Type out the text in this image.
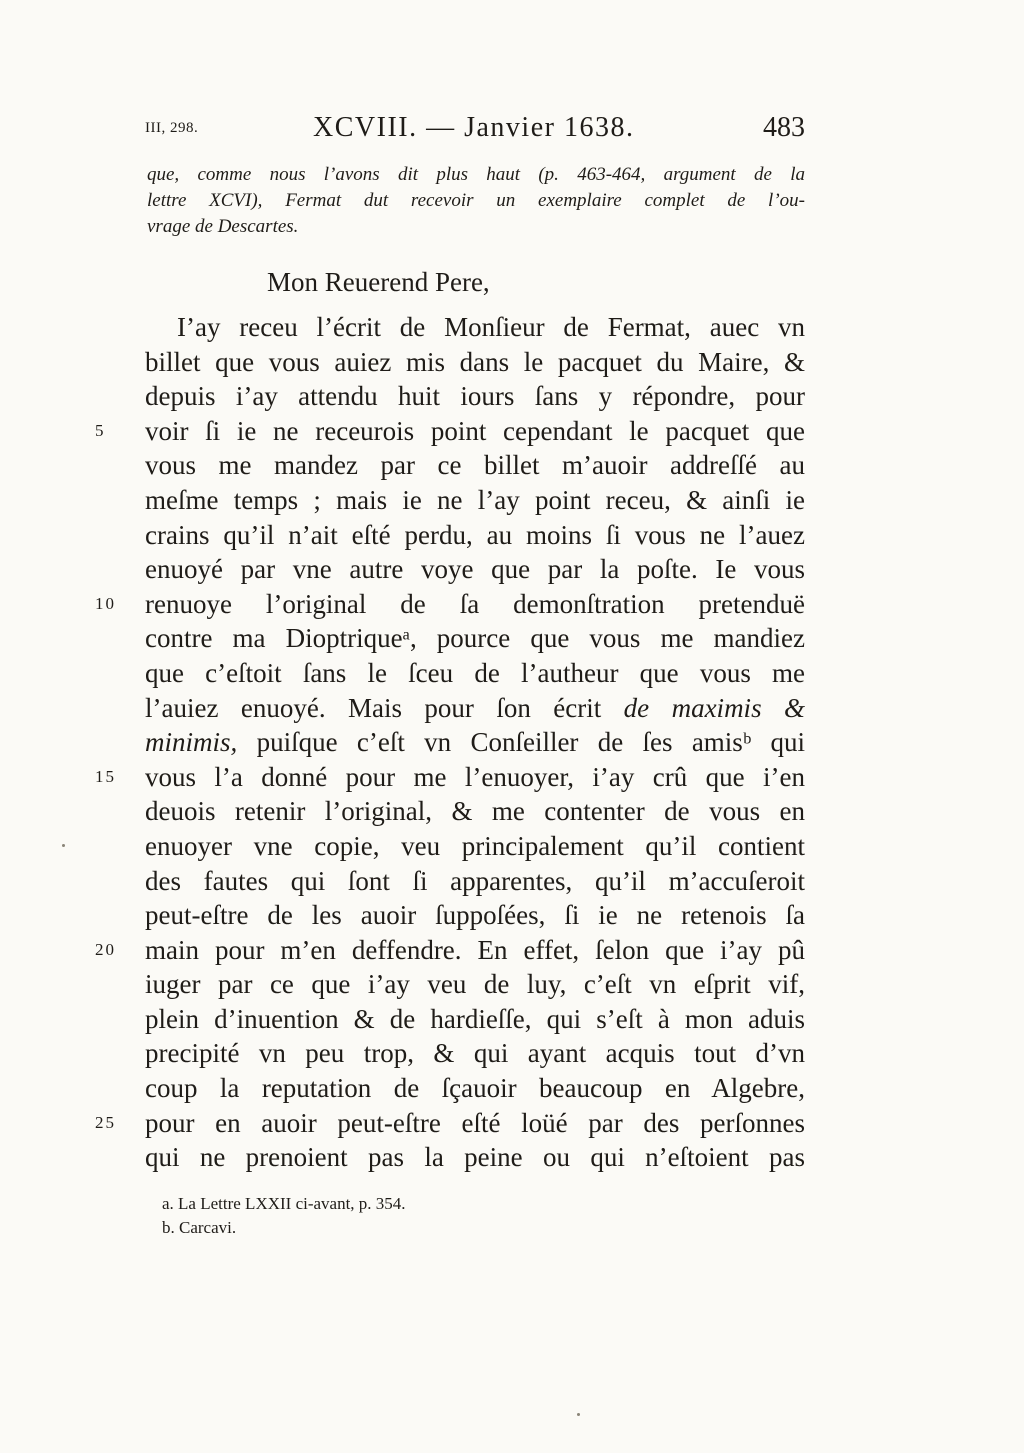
III, 298.	XCVIII. — Janvier 1638.	483
que, comme nous l’avons dit plus haut (p. 463-464, argument de la
lettre XCVI), Fermat dut recevoir un exemplaire complet de l’ou-
vrage de Descartes.
Mon Reuerend Pere,
I’ay receu l’écrit de Monſieur de Fermat, auec vn
billet que vous auiez mis dans le pacquet du Maire, &
depuis i’ay attendu huit iours ſans y répondre, pour
5	voir ſi ie ne receurois point cependant le pacquet que
vous me mandez par ce billet m’auoir addreſſé au
meſme temps ; mais ie ne l’ay point receu, & ainſi ie
crains qu’il n’ait eſté perdu, au moins ſi vous ne l’auez
enuoyé par vne autre voye que par la poſte. Ie vous
10	renuoye l’original de ſa demonſtration pretenduë
contre ma Dioptriqueᵃ, pource que vous me mandiez
que c’eſtoit ſans le ſceu de l’autheur que vous me
l’auiez enuoyé. Mais pour ſon écrit de maximis &
minimis, puiſque c’eſt vn Conſeiller de ſes amisᵇ qui
15	vous l’a donné pour me l’enuoyer, i’ay crû que i’en
deuois retenir l’original, & me contenter de vous en
enuoyer vne copie, veu principalement qu’il contient
des fautes qui ſont ſi apparentes, qu’il m’accuſeroit
peut-eſtre de les auoir ſuppoſées, ſi ie ne retenois ſa
20	main pour m’en deffendre. En effet, ſelon que i’ay pû
iuger par ce que i’ay veu de luy, c’eſt vn eſprit vif,
plein d’inuention & de hardieſſe, qui s’eſt à mon aduis
precipité vn peu trop, & qui ayant acquis tout d’vn
coup la reputation de ſçauoir beaucoup en Algebre,
25	pour en auoir peut-eſtre eſté loüé par des perſonnes
qui ne prenoient pas la peine ou qui n’eſtoient pas
a. La Lettre LXXII ci-avant, p. 354.
b. Carcavi.
